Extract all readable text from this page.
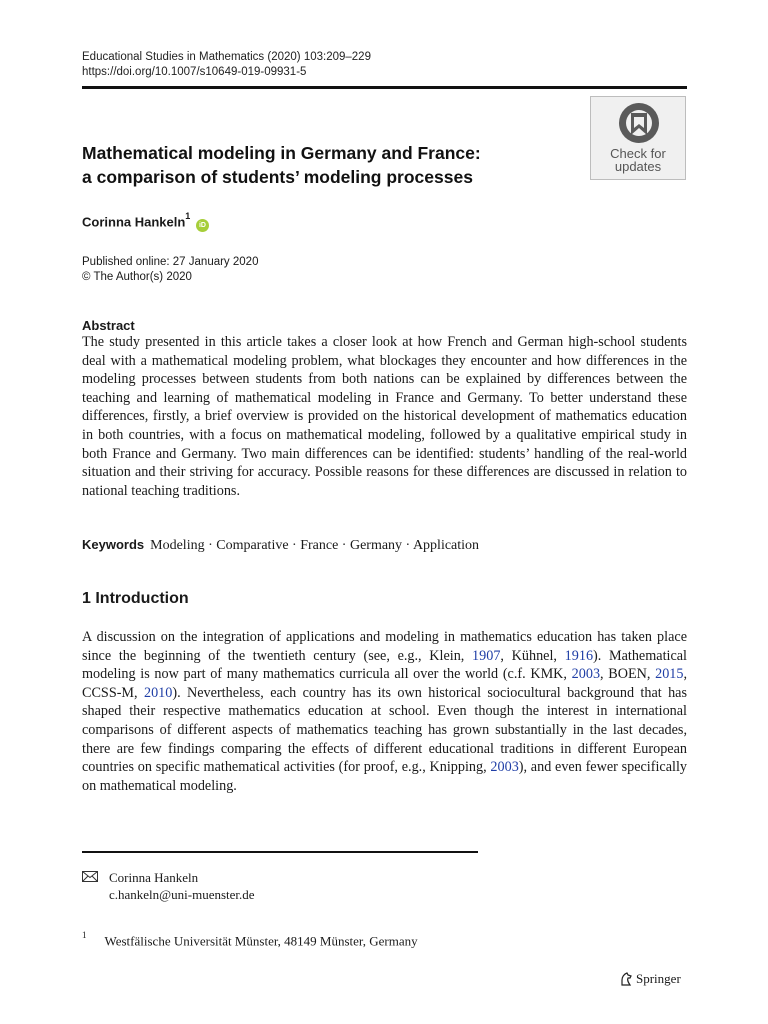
Educational Studies in Mathematics (2020) 103:209–229
https://doi.org/10.1007/s10649-019-09931-5
Check for
updates
Mathematical modeling in Germany and France:
a comparison of students’ modeling processes
Corinna Hankeln$^1$ iD
Published online: 27 January 2020
© The Author(s) 2020
Abstract
The study presented in this article takes a closer look at how French and German high-school students deal with a mathematical modeling problem, what blockages they encounter and how differences in the modeling processes between students from both nations can be explained by differences between the teaching and learning of mathematical modeling in France and Germany. To better understand these differences, firstly, a brief overview is provided on the historical development of mathematics education in both countries, with a focus on mathematical modeling, followed by a qualitative empirical study in both France and Germany. Two main differences can be identified: students’ handling of the real-world situation and their striving for accuracy. Possible reasons for these differences are discussed in relation to national teaching traditions.
Keywords Modeling · Comparative · France · Germany · Application
1 Introduction
A discussion on the integration of applications and modeling in mathematics education has taken place since the beginning of the twentieth century (see, e.g., Klein, 1907, Kühnel, 1916). Mathematical modeling is now part of many mathematics curricula all over the world (c.f. KMK, 2003, BOEN, 2015, CCSS-M, 2010). Nevertheless, each country has its own historical sociocultural background that has shaped their respective mathematics education at school. Even though the interest in international comparisons of different aspects of mathematics teaching has grown substantially in the last decades, there are few findings comparing the effects of different educational traditions in different European countries on specific mathematical activities (for proof, e.g., Knipping, 2003), and even fewer specifically on mathematical modeling.
Corinna Hankeln
c.hankeln@uni-muenster.de
$^1$ Westfälische Universität Münster, 48149 Münster, Germany
Springer
